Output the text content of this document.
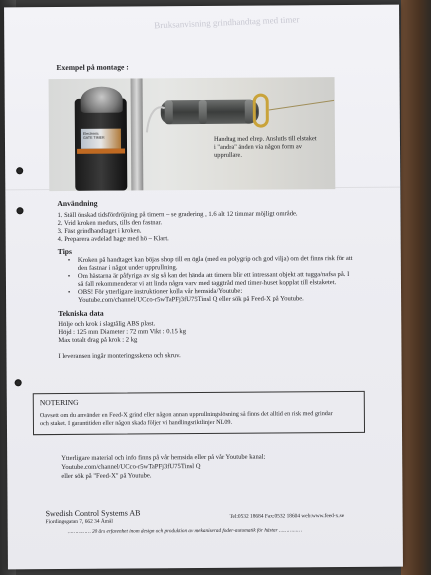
Bruksanvisning grindhandtag med timer
Exempel på montage :
Electronic
GATE TIMER	Handtag med elrep. Anslutls till elstaket
i "andra" änden via någon form av
upprullare.
Användning
1. Ställ önskad tidsfördröjning på timern – se gradering , 1.6 alt 12 timmar möjligt område.
2. Vrid kroken medurs, tills den fastnar.
3. Fäst grindhandtaget i kroken.
4. Preparera avdelad hage med hö – Klart.
Tips
• Kroken på handtaget kan böjas shop till en ögla (med en polygrip och god vilja) om det finns risk för att
den fastnar i något under upprullning.
• Om hästarna är påfyriga av sig så kan det hända att timern blir ett intressant objekt att tugga/nafsa på. I
så fall rekommenderar vi att linda några varv med taggtråd med timer-huset kopplat till elstaketet.
• OBS! För ytterligare instruktioner kolla vår hemsida/Youtube:
Youtube.com/channel/UCco-r5wTaPFj3fU75Tinsl Q eller sök på Feed-X på Youtube.
Tekniska data
Hölje och krok i slagtålig ABS plast.
Höjd : 125 mm Diameter : 72 mm Vikt : 0.15 kg
Max totalt drag på krok : 2 kg
I leveransen ingår monteringsskena och skruv.
NOTERING
Oavsett om du använder en Feed-X grind eller någon annan upprullningslösning så finns det alltid en risk med grindar
och staket. I garantitiden eller någon skada följer vi handlingsriktlinjer NL09.
Ytterligare material och info finns på vår hemsida eller på vår Youtube kanal:
Youtube.com/channel/UCco-r5wTaPFj3fU75Tinsl Q
eller sök på "Feed-X" på Youtube.
Swedish Control Systems AB
Fiordingsgatan 7, 662 34 Åmål
Tel:0532 18684 Fax:0532 18604 web:www.feed-x.se
…………… 20 års erfarenhet inom design och produktion av mekaniserad foder-automatik för hästar ……………
